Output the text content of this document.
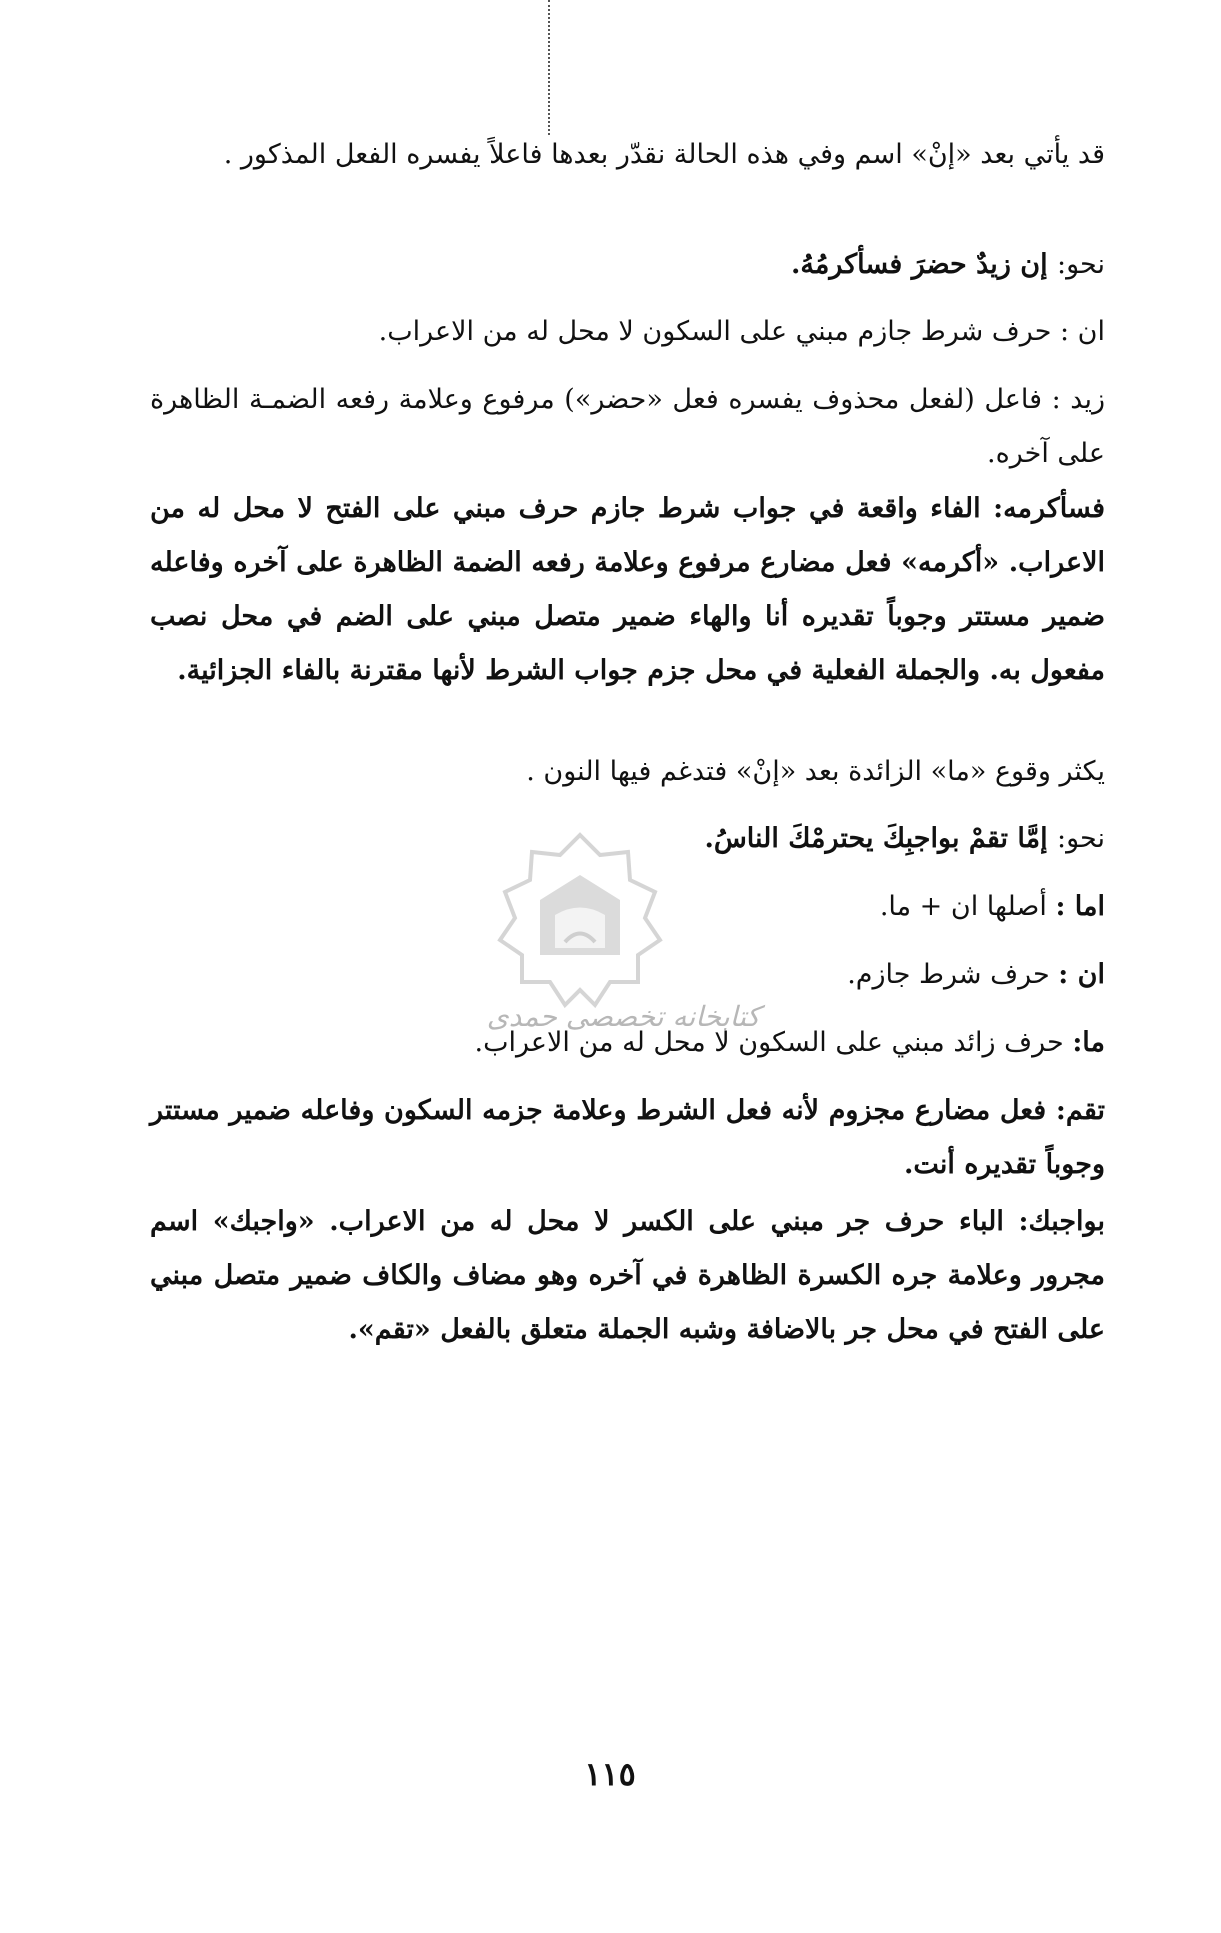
قد يأتي بعد «إنْ» اسم وفي هذه الحالة نقدّر بعدها فاعلاً يفسره الفعل المذكور .

نحو: إن زيدٌ حضرَ فسأكرمُهُ.

ان : حرف شرط جازم مبني على السكون لا محل له من الاعراب.

زيد : فاعل (لفعل محذوف يفسره فعل «حضر») مرفوع وعلامة رفعه الضمـة الظاهرة على آخره.

فسأكرمه: الفاء واقعة في جواب شرط جازم حرف مبني على الفتح لا محل له من الاعراب. «أكرمه» فعل مضارع مرفوع وعلامة رفعه الضمة الظاهرة على آخره وفاعله ضمير مستتر وجوباً تقديره أنا والهاء ضمير متصل مبني على الضم في محل نصب مفعول به. والجملة الفعلية في محل جزم جواب الشرط لأنها مقترنة بالفاء الجزائية.

يكثر وقوع «ما» الزائدة بعد «إنْ» فتدغم فيها النون .

نحو: إمَّا تقمْ بواجبِكَ يحترمْكَ الناسُ.

اما : أصلها ان + ما.

ان : حرف شرط جازم.

ما: حرف زائد مبني على السكون لا محل له من الاعراب.

تقم: فعل مضارع مجزوم لأنه فعل الشرط وعلامة جزمه السكون وفاعله ضمير مستتر وجوباً تقديره أنت.

بواجبك: الباء حرف جر مبني على الكسر لا محل له من الاعراب. «واجبك» اسم مجرور وعلامة جره الكسرة الظاهرة في آخره وهو مضاف والكاف ضمير متصل مبني على الفتح في محل جر بالاضافة وشبه الجملة متعلق بالفعل «تقم».

كتابخانه تخصصى حمدى
١١٥
